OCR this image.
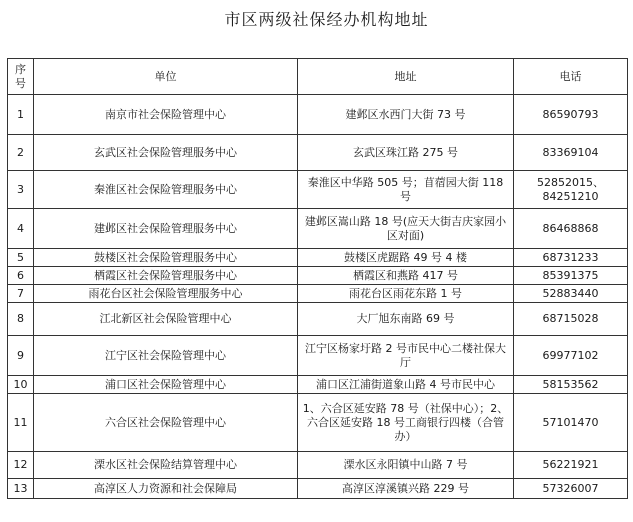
市区两级社保经办机构地址
序号	单位	地址	电话
1	南京市社会保险管理中心	建邺区水西门大街 73 号	86590793
2	玄武区社会保险管理服务中心	玄武区珠江路 275 号	83369104
3	秦淮区社会保险管理服务中心	秦淮区中华路 505 号；苜蓿园大街 118 号	52852015、84251210
4	建邺区社会保险管理服务中心	建邺区嵩山路 18 号(应天大街吉庆家园小区对面)	86468868
5	鼓楼区社会保险管理服务中心	鼓楼区虎踞路 49 号 4 楼	68731233
6	栖霞区社会保险管理服务中心	栖霞区和燕路 417 号	85391375
7	雨花台区社会保险管理服务中心	雨花台区雨花东路 1 号	52883440
8	江北新区社会保险管理中心	大厂旭东南路 69 号	68715028
9	江宁区社会保险管理中心	江宁区杨家圩路 2 号市民中心二楼社保大厅	69977102
10	浦口区社会保险管理中心	浦口区江浦街道象山路 4 号市民中心	58153562
11	六合区社会保险管理中心	1、六合区延安路 78 号（社保中心）；2、六合区延安路 18 号工商银行四楼（合管办）	57101470
12	溧水区社会保险结算管理中心	溧水区永阳镇中山路 7 号	56221921
13	高淳区人力资源和社会保障局	高淳区淳溪镇兴路 229 号	57326007
